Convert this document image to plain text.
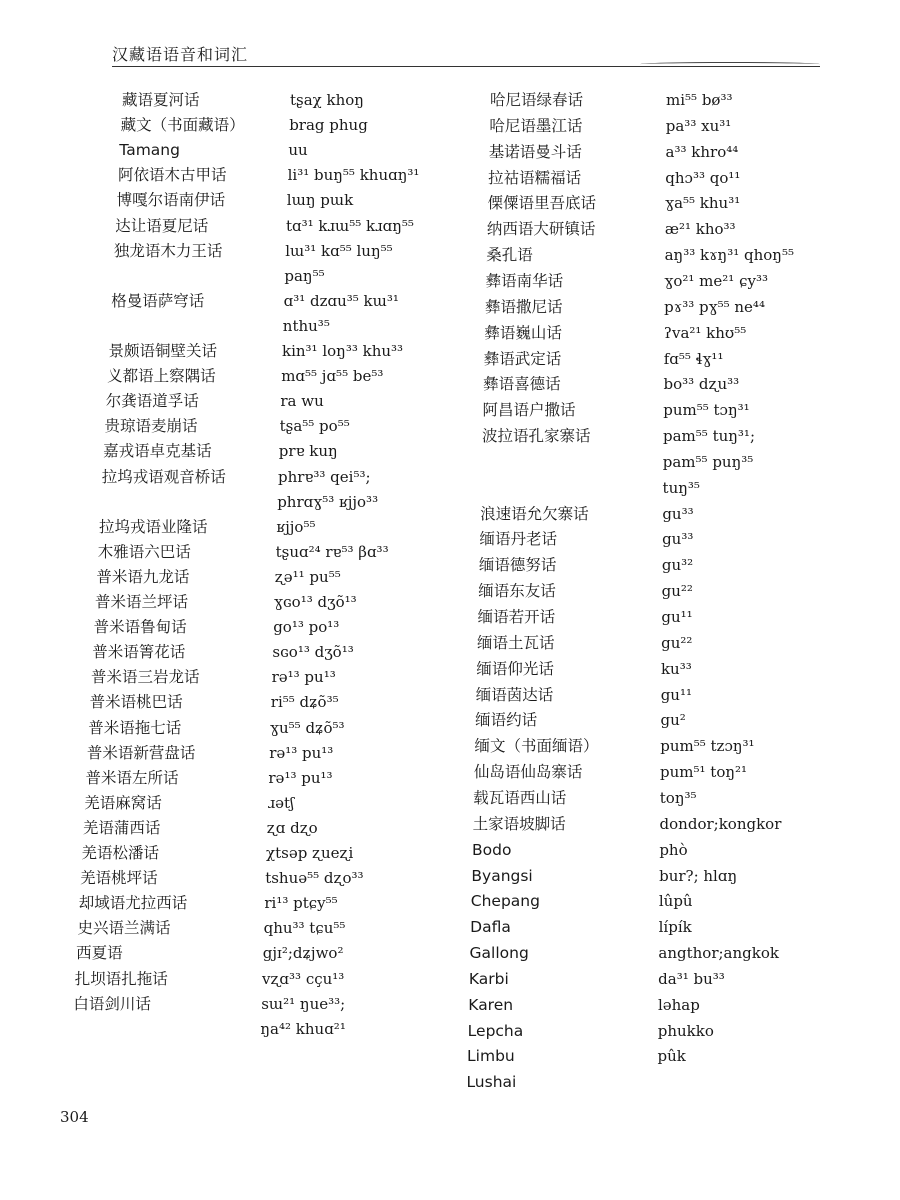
汉藏语语音和词汇
藏语夏河话
藏文（书面藏语）
Tamang
阿依语木古甲话
博嘎尔语南伊话
达让语夏尼话
独龙语木力王话
格曼语萨穹话
景颇语铜壁关话
义都语上察隅话
尔龚语道孚话
贵琼语麦崩话
嘉戎语卓克基话
拉坞戎语观音桥话
拉坞戎语业隆话
木雅语六巴话
普米语九龙话
普米语兰坪话
普米语鲁甸话
普米语箐花话
普米语三岩龙话
普米语桃巴话
普米语拖七话
普米语新营盘话
普米语左所话
羌语麻窝话
羌语蒲西话
羌语松潘话
羌语桃坪话
却域语尤拉西话
史兴语兰满话
西夏语
扎坝语扎拖话
白语剑川话
tʂaχ khoŋ
brag phug
uu
li³¹ buŋ⁵⁵ khuɑŋ³¹
lɯŋ pɯk
tɑ³¹ kɹɯ⁵⁵ kɹɑŋ⁵⁵
lɯ³¹ kɑ⁵⁵ luŋ⁵⁵
paŋ⁵⁵
ɑ³¹ dzɑu³⁵ kɯ³¹
nthu³⁵
kin³¹ loŋ³³ khu³³
mɑ⁵⁵ jɑ⁵⁵ be⁵³
ra wu
tʂa⁵⁵ po⁵⁵
prɐ kuŋ
phrɐ³³ qei⁵³;
phrɑɣ⁵³ ʁjjo³³
ʁjjo⁵⁵
tʂuɑ²⁴ rɐ⁵³ βɑ³³
ʐə¹¹ pu⁵⁵
ɣɢo¹³ dʒõ¹³
go¹³ po¹³
sɢo¹³ dʒõ¹³
rə¹³ pu¹³
ri⁵⁵ dʑõ³⁵
ɣu⁵⁵ dʑõ⁵³
rə¹³ pu¹³
rə¹³ pu¹³
ɹətʃ
ʐɑ dʐo
χtsəp ʐueʐi
tshuə⁵⁵ dʐo³³
ri¹³ ptɕy⁵⁵
qhu³³ tɕu⁵⁵
gjɪ²;dʑjwo²
vʐɑ³³ cçu¹³
sɯ²¹ ŋue³³;
ŋa⁴² khuɑ²¹
哈尼语绿春话
哈尼语墨江话
基诺语曼斗话
拉祜语糯福话
傈僳语里吾底话
纳西语大研镇话
桑孔语
彝语南华话
彝语撒尼话
彝语巍山话
彝语武定话
彝语喜德话
阿昌语户撒话
波拉语孔家寨话
浪速语允欠寨话
缅语丹老话
缅语德努话
缅语东友话
缅语若开话
缅语土瓦话
缅语仰光话
缅语茵达话
缅语约话
缅文（书面缅语）
仙岛语仙岛寨话
载瓦语西山话
土家语坡脚话
Bodo
Byangsi
Chepang
Dafla
Gallong
Karbi
Karen
Lepcha
Limbu
Lushai
mi⁵⁵ bø³³
pa³³ xu³¹
a³³ khro⁴⁴
qhɔ³³ qo¹¹
ɣa⁵⁵ khu³¹
æ²¹ kho³³
aŋ³³ kɤŋ³¹ qhoŋ⁵⁵
ɣo²¹ me²¹ ɕy³³
pɤ³³ pɣ⁵⁵ ne⁴⁴
ʔva²¹ khʊ⁵⁵
fɑ⁵⁵ ɬɣ¹¹
bo³³ dʐu³³
pum⁵⁵ tɔŋ³¹
pam⁵⁵ tuŋ³¹;
pam⁵⁵ puŋ³⁵
tuŋ³⁵
gu³³
gu³³
gu³²
gu²²
gu¹¹
gu²²
ku³³
gu¹¹
gu²
pum⁵⁵ tzɔŋ³¹
pum⁵¹ toŋ²¹
toŋ³⁵
dondor;kongkor
phò
bur?; hlɑŋ
lûpû
lípík
angthor;angkok
da³¹ bu³³
ləhap
phukko
pûk
304
